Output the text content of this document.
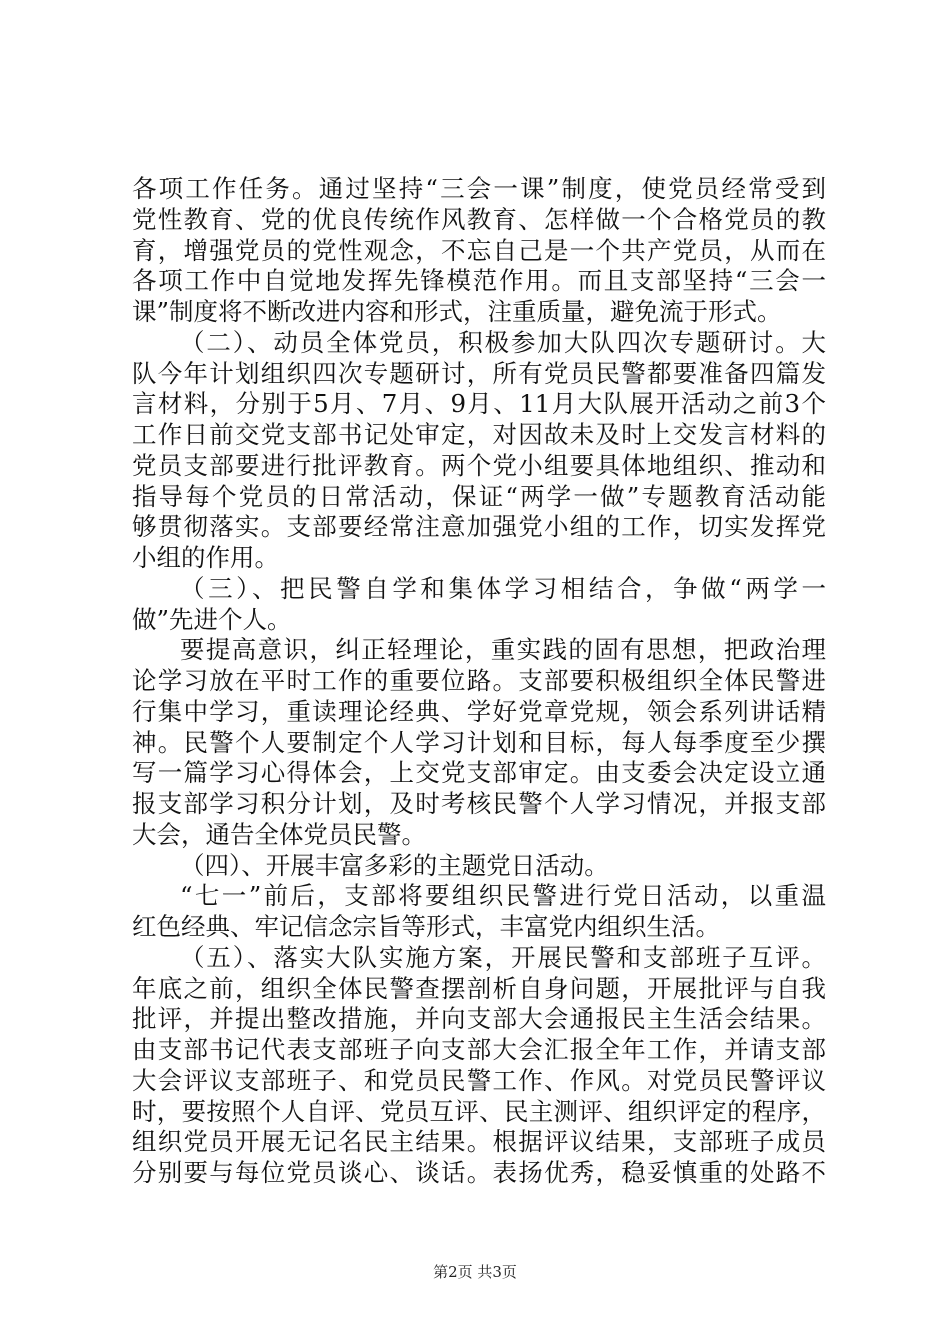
各项工作任务。通过坚持“三会一课”制度，使党员经常受到
党性教育、党的优良传统作风教育、怎样做一个合格党员的教
育，增强党员的党性观念，不忘自己是一个共产党员，从而在
各项工作中自觉地发挥先锋模范作用。而且支部坚持“三会一
课”制度将不断改进内容和形式，注重质量，避免流于形式。
（二）、动员全体党员，积极参加大队四次专题研讨。大
队今年计划组织四次专题研讨，所有党员民警都要准备四篇发
言材料，分别于5月、7月、9月、11月大队展开活动之前3个
工作日前交党支部书记处审定，对因故未及时上交发言材料的
党员支部要进行批评教育。两个党小组要具体地组织、推动和
指导每个党员的日常活动，保证“两学一做”专题教育活动能
够贯彻落实。支部要经常注意加强党小组的工作，切实发挥党
小组的作用。
（三）、把民警自学和集体学习相结合，争做“两学一
做”先进个人。
要提高意识，纠正轻理论，重实践的固有思想，把政治理
论学习放在平时工作的重要位路。支部要积极组织全体民警进
行集中学习，重读理论经典、学好党章党规，领会系列讲话精
神。民警个人要制定个人学习计划和目标，每人每季度至少撰
写一篇学习心得体会，上交党支部审定。由支委会决定设立通
报支部学习积分计划，及时考核民警个人学习情况，并报支部
大会，通告全体党员民警。
（四）、开展丰富多彩的主题党日活动。
“七一”前后，支部将要组织民警进行党日活动，以重温
红色经典、牢记信念宗旨等形式，丰富党内组织生活。
（五）、落实大队实施方案，开展民警和支部班子互评。
年底之前，组织全体民警查摆剖析自身问题，开展批评与自我
批评，并提出整改措施，并向支部大会通报民主生活会结果。
由支部书记代表支部班子向支部大会汇报全年工作，并请支部
大会评议支部班子、和党员民警工作、作风。对党员民警评议
时，要按照个人自评、党员互评、民主测评、组织评定的程序，
组织党员开展无记名民主结果。根据评议结果，支部班子成员
分别要与每位党员谈心、谈话。表扬优秀，稳妥慎重的处路不
第2页 共3页
